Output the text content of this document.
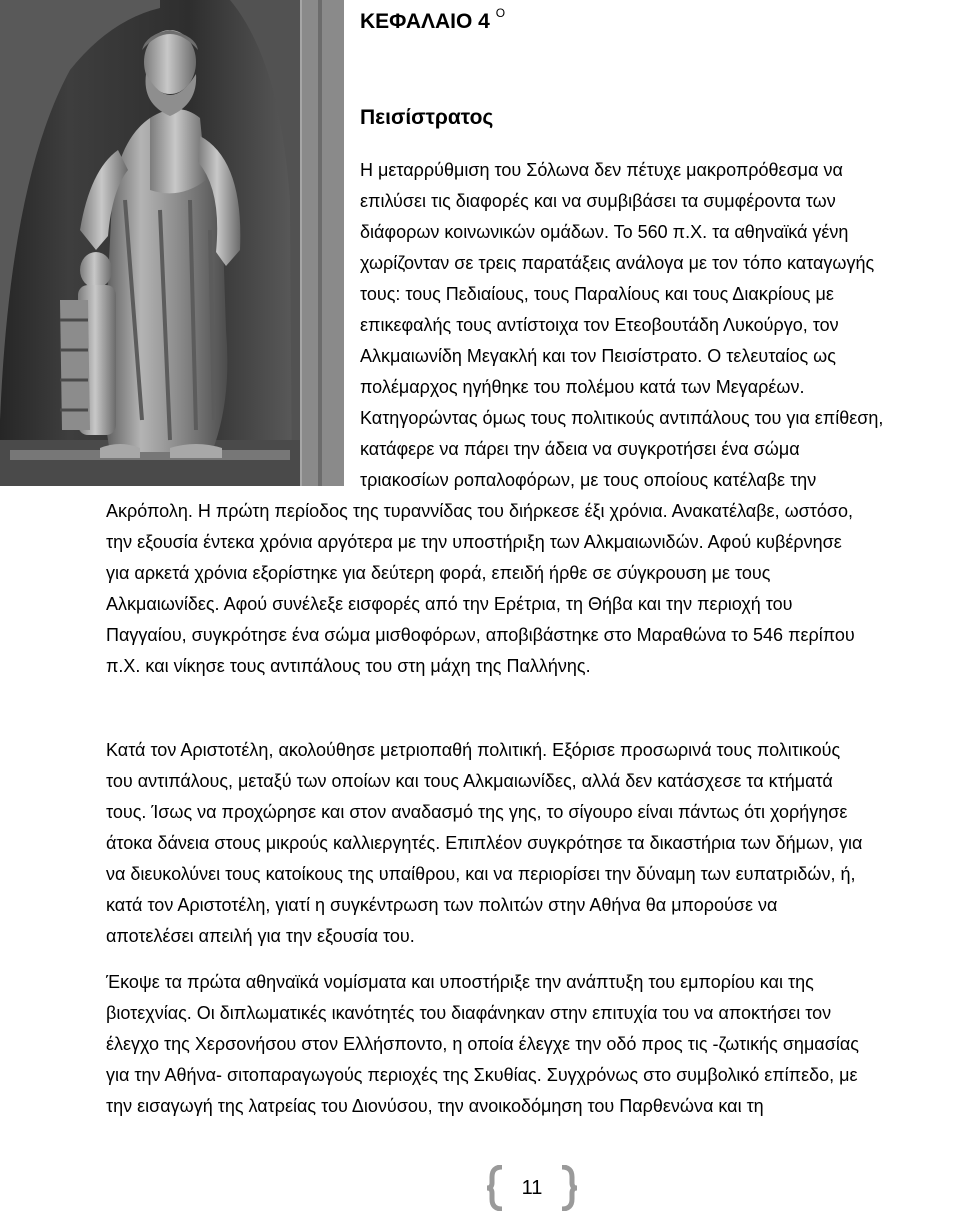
ΚΕΦΑΛΑΙΟ 4 $^O$
Πεισίστρατος
Η μεταρρύθμιση του Σόλωνα δεν πέτυχε μακροπρόθεσμα να
επιλύσει τις διαφορές και να συμβιβάσει τα συμφέροντα των
διάφορων κοινωνικών ομάδων. Το 560 π.Χ. τα αθηναϊκά γένη
χωρίζονταν σε τρεις παρατάξεις ανάλογα με τον τόπο καταγωγής
τους: τους Πεδιαίους, τους Παραλίους και τους Διακρίους με
επικεφαλής τους αντίστοιχα τον Ετεοβουτάδη Λυκούργο, τον
Αλκμαιωνίδη Μεγακλή και τον Πεισίστρατο. Ο τελευταίος ως
πολέμαρχος ηγήθηκε του πολέμου κατά των Μεγαρέων.
Κατηγορώντας όμως τους πολιτικούς αντιπάλους του για επίθεση,
κατάφερε να πάρει την άδεια να συγκροτήσει ένα σώμα
τριακοσίων ροπαλοφόρων, με τους οποίους κατέλαβε την
Ακρόπολη. Η πρώτη περίοδος της τυραννίδας του διήρκεσε έξι χρόνια. Ανακατέλαβε, ωστόσο,
την εξουσία έντεκα χρόνια αργότερα με την υποστήριξη των Αλκμαιωνιδών. Αφού κυβέρνησε
για αρκετά χρόνια εξορίστηκε για δεύτερη φορά, επειδή ήρθε σε σύγκρουση με τους
Αλκμαιωνίδες. Αφού συνέλεξε εισφορές από την Ερέτρια, τη Θήβα και την περιοχή του
Παγγαίου, συγκρότησε ένα σώμα μισθοφόρων, αποβιβάστηκε στο Μαραθώνα το 546 περίπου
π.Χ. και νίκησε τους αντιπάλους του στη μάχη της Παλλήνης.
Κατά τον Αριστοτέλη, ακολούθησε μετριοπαθή πολιτική. Εξόρισε προσωρινά τους πολιτικούς
του αντιπάλους, μεταξύ των οποίων και τους Αλκμαιωνίδες, αλλά δεν κατάσχεσε τα κτήματά
τους. Ίσως να προχώρησε και στον αναδασμό της γης, το σίγουρο είναι πάντως ότι χορήγησε
άτοκα δάνεια στους μικρούς καλλιεργητές. Επιπλέον συγκρότησε τα δικαστήρια των δήμων, για
να διευκολύνει τους κατοίκους της υπαίθρου, και να περιορίσει την δύναμη των ευπατριδών, ή,
κατά τον Αριστοτέλη, γιατί η συγκέντρωση των πολιτών στην Αθήνα θα μπορούσε να
αποτελέσει απειλή για την εξουσία του.
Έκοψε τα πρώτα αθηναϊκά νομίσματα και υποστήριξε την ανάπτυξη του εμπορίου και της
βιοτεχνίας. Οι διπλωματικές ικανότητές του διαφάνηκαν στην επιτυχία του να αποκτήσει τον
έλεγχο της Χερσονήσου στον Ελλήσποντο, η οποία έλεγχε την οδό προς τις -ζωτικής σημασίας
για την Αθήνα- σιτοπαραγωγούς περιοχές της Σκυθίας. Συγχρόνως στο συμβολικό επίπεδο, με
την εισαγωγή της λατρείας του Διονύσου, την ανοικοδόμηση του Παρθενώνα και τη
11
